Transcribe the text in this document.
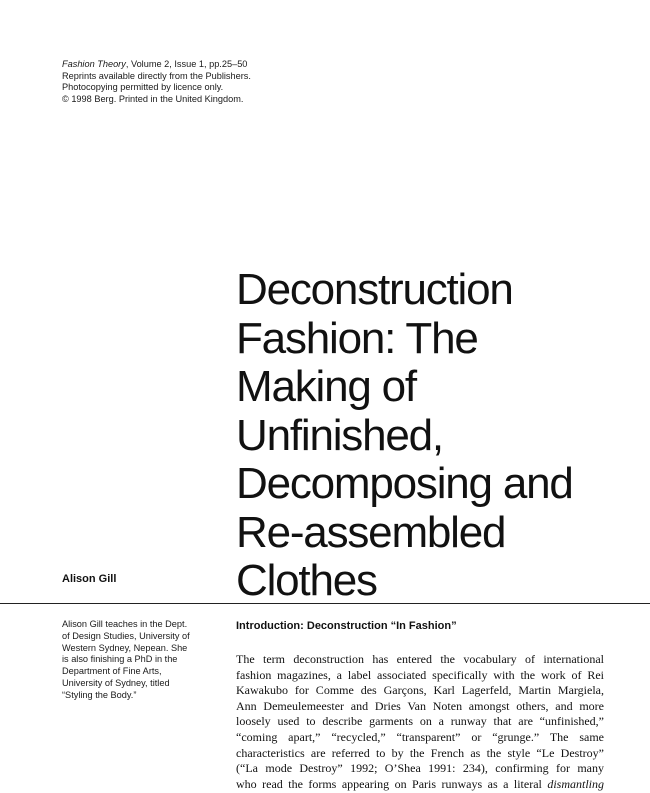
Fashion Theory, Volume 2, Issue 1, pp.25–50
Reprints available directly from the Publishers.
Photocopying permitted by licence only.
© 1998 Berg. Printed in the United Kingdom.
Deconstruction
Fashion: The
Making of
Unfinished,
Decomposing and
Re-assembled
Clothes
Alison Gill
Alison Gill teaches in the Dept.
of Design Studies, University of
Western Sydney, Nepean. She
is also finishing a PhD in the
Department of Fine Arts,
University of Sydney, titled
“Styling the Body.”
Introduction: Deconstruction “In Fashion”
The term deconstruction has entered the vocabulary of international
fashion magazines, a label associated specifically with the work of Rei
Kawakubo for Comme des Garçons, Karl Lagerfeld, Martin Margiela,
Ann Demeulemeester and Dries Van Noten amongst others, and more
loosely used to describe garments on a runway that are “unfinished,”
“coming apart,” “recycled,” “transparent” or “grunge.” The same
characteristics are referred to by the French as the style “Le Destroy”
(“La mode Destroy” 1992; O’Shea 1991: 234), confirming for many
who read the forms appearing on Paris runways as a literal dismantling
